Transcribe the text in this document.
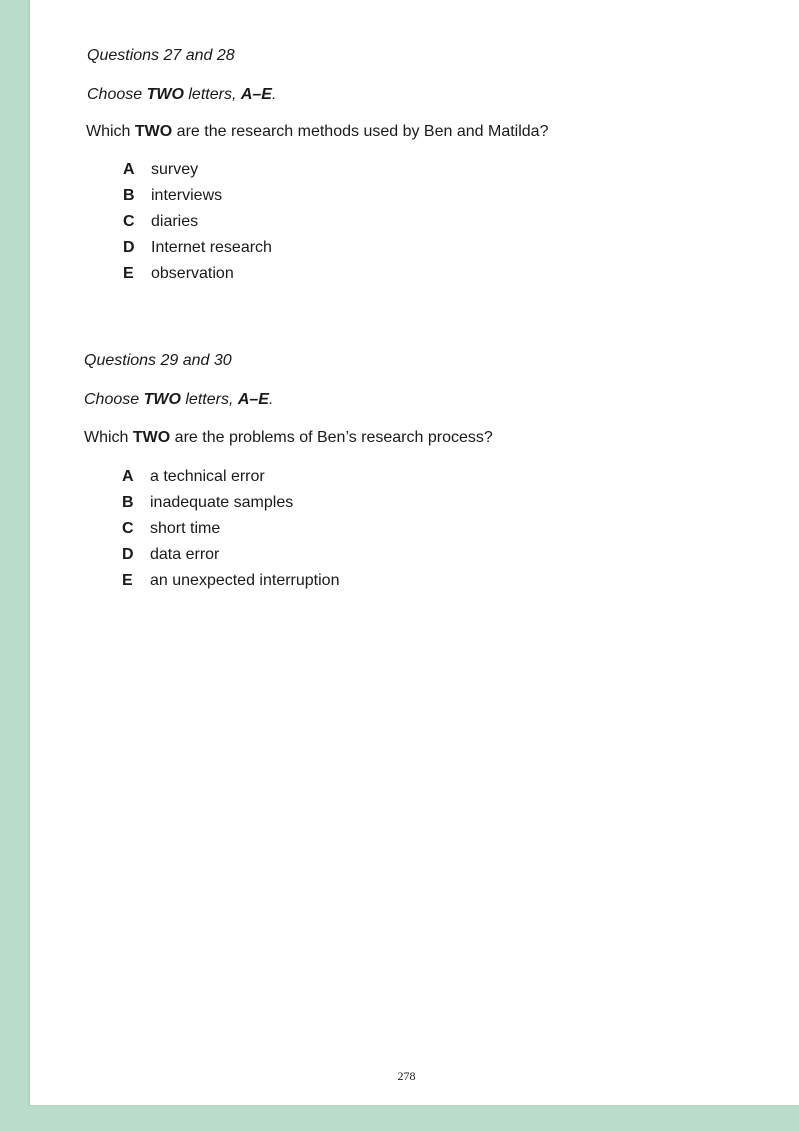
Questions 27 and 28

Choose TWO letters, A–E.

Which TWO are the research methods used by Ben and Matilda?

A	survey
B	interviews
C	diaries
D	Internet research
E	observation

Questions 29 and 30

Choose TWO letters, A–E.

Which TWO are the problems of Ben’s research process?

A	a technical error
B	inadequate samples
C	short time
D	data error
E	an unexpected interruption
278
